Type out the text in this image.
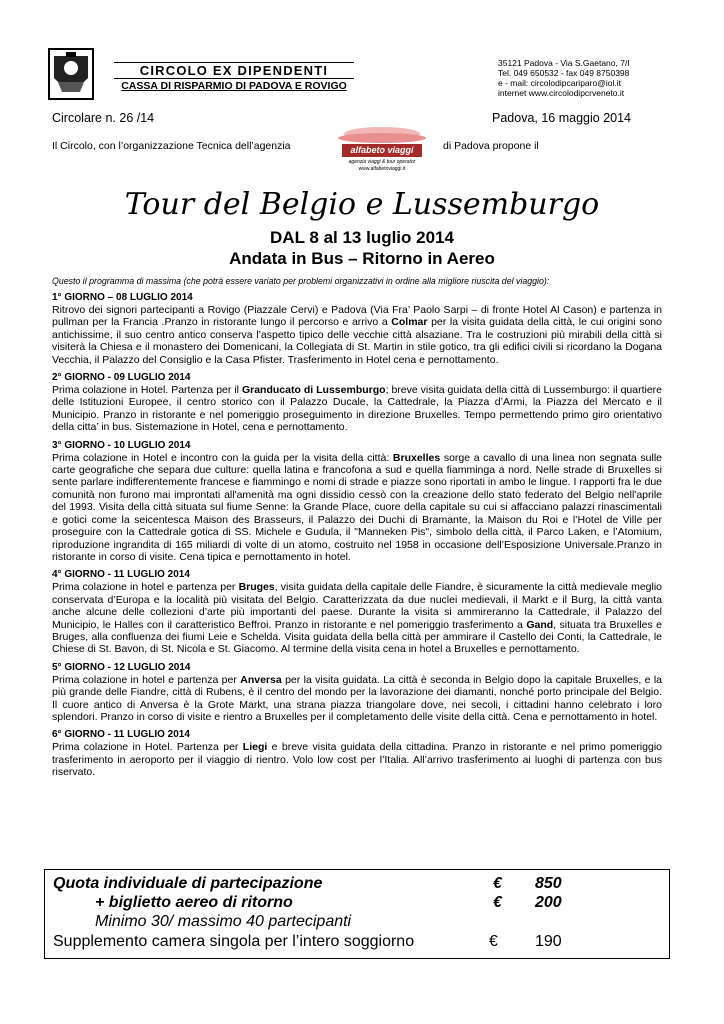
CIRCOLO EX DIPENDENTI
CASSA DI RISPARMIO DI PADOVA E ROVIGO
35121 Padova - Via S.Gaetano, 7/I
Tel. 049 650532 - fax 049 8750398
e - mail: circolodipcariparo@iol.it
internet www.circolodipcrveneto.it
Circolare n. 26 /14	Padova, 16 maggio 2014
Il Circolo, con l’organizzazione Tecnica dell’agenzia	alfabeto viaggi
agenzia viaggi & tour operator
www.alfabetoviaggi.it
di Padova propone il
Tour del Belgio e Lussemburgo
DAL 8 al 13 luglio 2014
Andata in Bus – Ritorno in Aereo
Questo il programma di massima (che potrà essere variato per problemi organizzativi in ordine alla migliore riuscita del viaggio):
1° GIORNO – 08 LUGLIO 2014
Ritrovo dei signori partecipanti a Rovigo (Piazzale Cervi) e Padova (Via Fra’ Paolo Sarpi – di fronte Hotel Al Cason) e partenza in pullman per la Francia .Pranzo in ristorante lungo il percorso e arrivo a Colmar per la visita guidata della città, le cui origini sono antichissime, il suo centro antico conserva l’aspetto tipico delle vecchie città alsaziane. Tra le costruzioni più mirabili della città si visiterà la Chiesa e il monastero dei Domenicani, la Collegiata di St. Martin in stile gotico, tra gli edifici civili si ricordano la Dogana Vecchia, il Palazzo del Consiglio e la Casa Pfister. Trasferimento in Hotel cena e pernottamento.
2° GIORNO - 09 LUGLIO 2014
Prima colazione in Hotel. Partenza per il Granducato di Lussemburgo; breve visita guidata della città di Lussemburgo: il quartiere delle Istituzioni Europee, il centro storico con il Palazzo Ducale, la Cattedrale, la Piazza d’Armi, la Piazza del Mercato e il Municipio. Pranzo in ristorante e nel pomeriggio proseguimento in direzione Bruxelles. Tempo permettendo primo giro orientativo della citta’ in bus. Sistemazione in Hotel, cena e pernottamento.
3° GIORNO - 10 LUGLIO 2014
Prima colazione in Hotel e incontro con la guida per la visita della città: Bruxelles sorge a cavallo di una linea non segnata sulle carte geografiche che separa due culture: quella latina e francofona a sud e quella fiamminga a nord. Nelle strade di Bruxelles si sente parlare indifferentemente francese e fiammingo e nomi di strade e piazze sono riportati in ambo le lingue. I rapporti fra le due comunità non furono mai improntati all'amenità ma ogni dissidio cessò con la creazione dello stato federato del Belgio nell'aprile del 1993. Visita della città situata sul fiume Senne: la Grande Place, cuore della capitale su cui si affacciano palazzi rinascimentali e gotici come la seicentesca Maison des Brasseurs, il Palazzo dei Duchi di Bramante, la Maison du Roi e l’Hotel de Ville per proseguire con la Cattedrale gotica di SS. Michele e Gudula, il "Manneken Pis", simbolo della città, il Parco Laken, e l’Atomium, riproduzione ingrandita di 165 miliardi di volte di un atomo, costruito nel 1958 in occasione dell’Esposizione Universale.Pranzo in ristorante in corso di visite. Cena tipica e pernottamento in hotel.
4° GIORNO - 11 LUGLIO 2014
Prima colazione in hotel e partenza per Bruges, visita guidata della capitale delle Fiandre, è sicuramente la città medievale meglio conservata d’Europa e la località più visitata del Belgio. Caratterizzata da due nuclei medievali, il Markt e il Burg, la città vanta anche alcune delle collezioni d’arte più importanti del paese. Durante la visita si ammireranno la Cattedrale, il Palazzo del Municipio, le Halles con il caratteristico Beffroi. Pranzo in ristorante e nel pomeriggio trasferimento a Gand, situata tra Bruxelles e Bruges, alla confluenza dei fiumi Leie e Schelda. Visita guidata della bella città per ammirare il Castello dei Conti, la Cattedrale, le Chiese di St. Bavon, di St. Nicola e St. Giacomo. Al termine della visita cena in hotel a Bruxelles e pernottamento.
5° GIORNO - 12 LUGLIO 2014
Prima colazione in hotel e partenza per Anversa per la visita guidata. La città è seconda in Belgio dopo la capitale Bruxelles, e la più grande delle Fiandre, città di Rubens, è il centro del mondo per la lavorazione dei diamanti, nonché porto principale del Belgio. Il cuore antico di Anversa è la Grote Markt, una strana piazza triangolare dove, nei secoli, i cittadini hanno celebrato i loro splendori. Pranzo in corso di visite e rientro a Bruxelles per il completamento delle visite della città. Cena e pernottamento in hotel.
6° GIORNO - 11 LUGLIO 2014
Prima colazione in Hotel. Partenza per Liegi e breve visita guidata della cittadina. Pranzo in ristorante e nel primo pomeriggio trasferimento in aeroporto per il viaggio di rientro. Volo low cost per l’Italia. All’arrivo trasferimento ai luoghi di partenza con bus riservato.
Quota individuale di partecipazione	€ 850
+ biglietto aereo di ritorno	€ 200
Minimo 30/ massimo 40 partecipanti
Supplemento camera singola per l’intero soggiorno	€ 190
